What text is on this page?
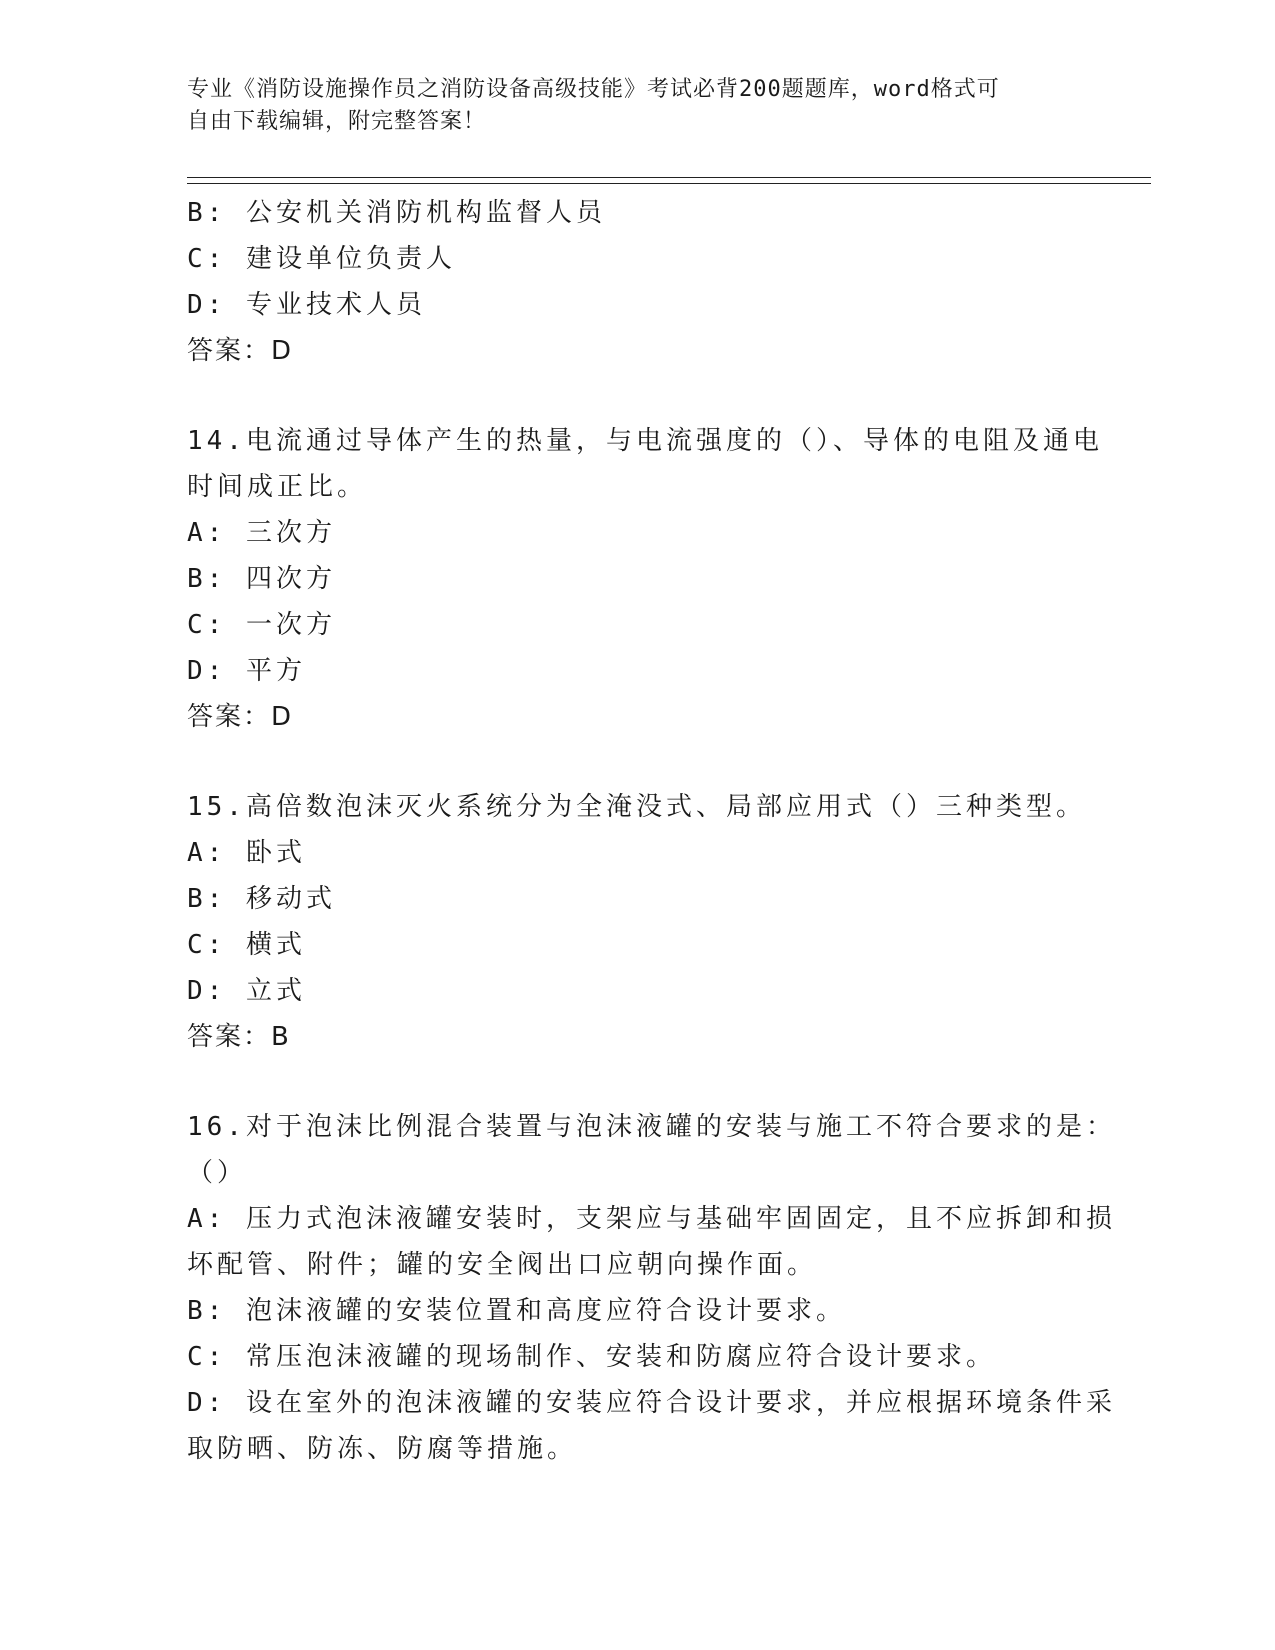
专业《消防设施操作员之消防设备高级技能》考试必背200题题库，word格式可
自由下载编辑，附完整答案！
B: 公安机关消防机构监督人员
C: 建设单位负责人
D: 专业技术人员
答案：D
14.电流通过导体产生的热量，与电流强度的（）、导体的电阻及通电
时间成正比。
A: 三次方
B: 四次方
C: 一次方
D: 平方
答案：D
15.高倍数泡沫灭火系统分为全淹没式、局部应用式（）三种类型。
A: 卧式
B: 移动式
C: 横式
D: 立式
答案：B
16.对于泡沫比例混合装置与泡沫液罐的安装与施工不符合要求的是：
（）
A: 压力式泡沫液罐安装时，支架应与基础牢固固定，且不应拆卸和损
坏配管、附件；罐的安全阀出口应朝向操作面。
B: 泡沫液罐的安装位置和高度应符合设计要求。
C: 常压泡沫液罐的现场制作、安装和防腐应符合设计要求。
D: 设在室外的泡沫液罐的安装应符合设计要求，并应根据环境条件采
取防晒、防冻、防腐等措施。
